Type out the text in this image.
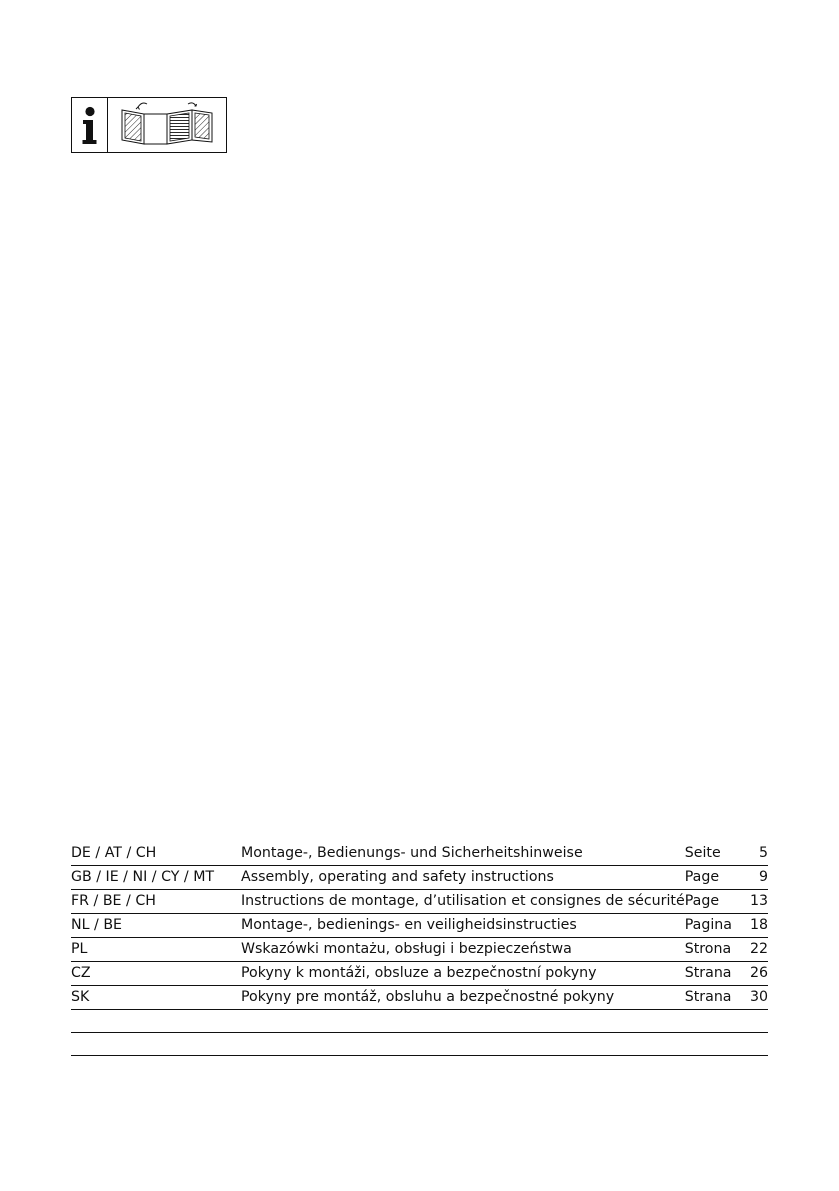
DE / AT / CH	Montage-, Bedienungs- und Sicherheitshinweise	Seite	5
GB / IE / NI / CY / MT	Assembly, operating and safety instructions	Page	9
FR / BE / CH	Instructions de montage, d’utilisation et consignes de sécurité	Page	13
NL / BE	Montage-, bedienings- en veiligheidsinstructies	Pagina	18
PL	Wskazówki montażu, obsługi i bezpieczeństwa	Strona	22
CZ	Pokyny k montáži, obsluze a bezpečnostní pokyny	Strana	26
SK	Pokyny pre montáž, obsluhu a bezpečnostné pokyny	Strana	30
